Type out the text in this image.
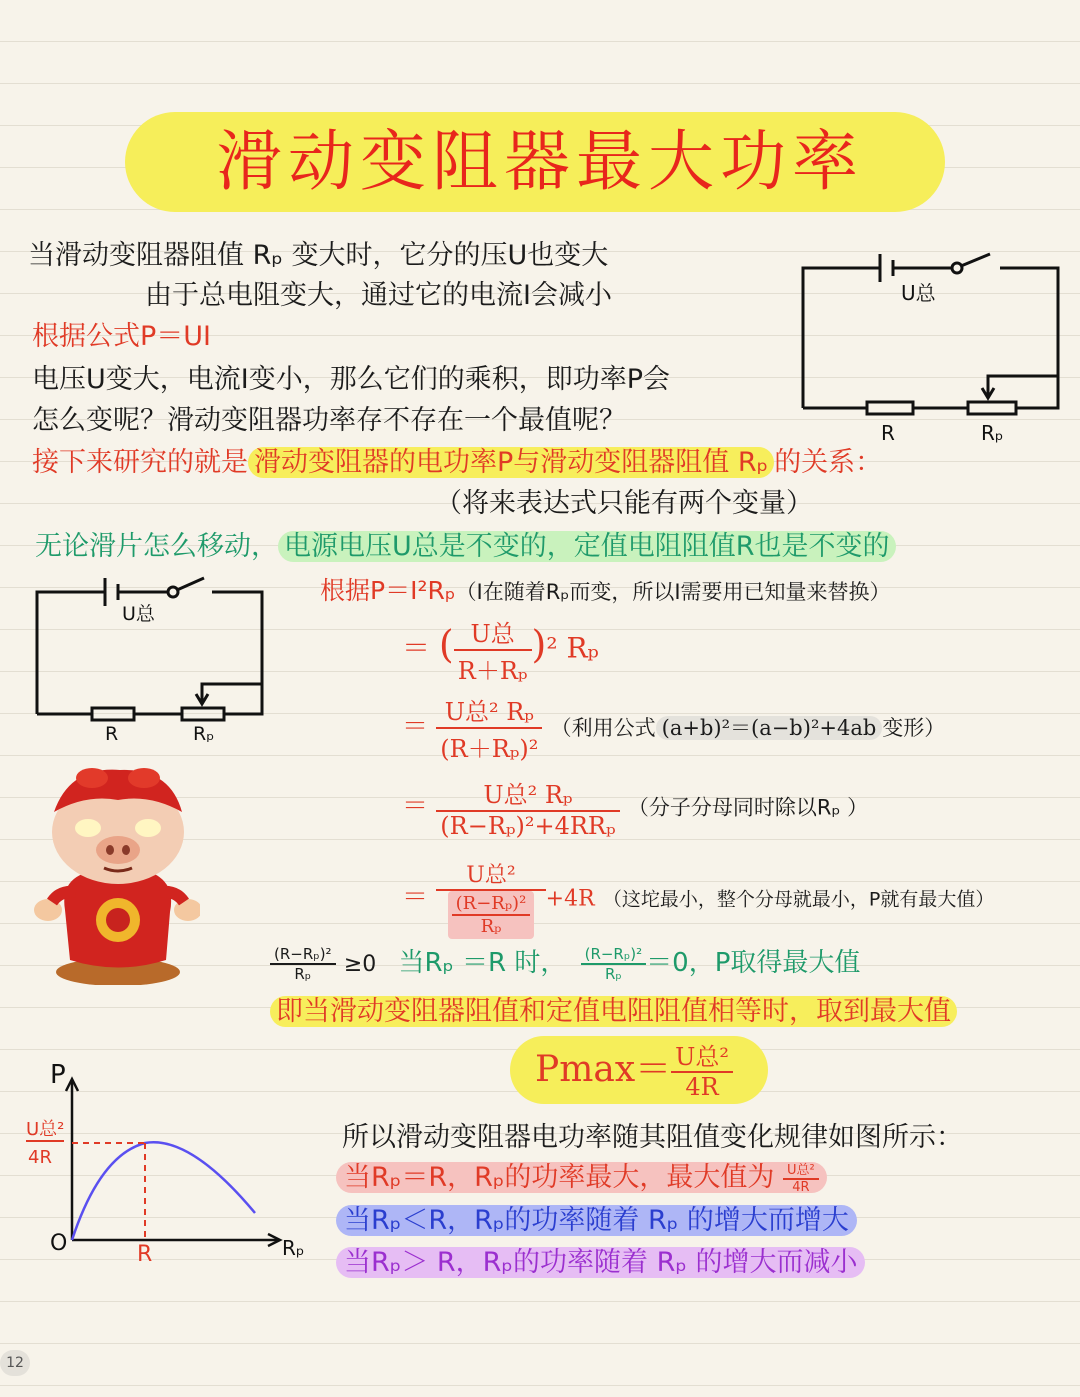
滑动变阻器最大功率
当滑动变阻器阻值 Rₚ 变大时，它分的压U也变大
由于总电阻变大，通过它的电流I会减小
根据公式P＝UI
电压U变大，电流I变小，那么它们的乘积，即功率P会
怎么变呢？滑动变阻器功率存不存在一个最值呢？
接下来研究的就是 滑动变阻器的电功率P与滑动变阻器阻值 Rₚ 的关系：
（将来表达式只能有两个变量）
无论滑片怎么移动， 电源电压U总是不变的，定值电阻阻值R也是不变的
U总
R	Rₚ
U总
R	Rₚ
根据P＝I²Rₚ（I在随着Rₚ而变，所以I需要用已知量来替换）
＝ ( $\frac{\text{U总}}{\text{R＋Rₚ}} )^2$ Rₚ
＝ $\frac{\text{U总² Rₚ}}{\text{(R＋Rₚ)²}}$ （利用公式 (a+b)²＝(a−b)²+4ab 变形）
＝ $\frac{\text{U总² Rₚ}}{\text{(R−Rₚ)²+4RRₚ}}$ （分子分母同时除以Rₚ ）
＝ $\frac{\text{U总²}}{\frac{\text{(R−Rₚ)²}}{\text{Rₚ}}} +4R$ （这坨最小，整个分母就最小，P就有最大值）
$\frac{\text{(R−Rₚ)²}}{\text{Rₚ}} \ge 0$ 当Rₚ ＝R 时， $\frac{\text{(R−Rₚ)²}}{\text{Rₚ}} =0$，P取得最大值
即当滑动变阻器阻值和定值电阻阻值相等时，取到最大值
$Pmax= \frac{\text{U总²}}{4R}$
P
Rₚ
O	R
U总²
4R
所以滑动变阻器电功率随其阻值变化规律如图所示：
当Rₚ＝R，Rₚ的功率最大，最大值为 $\frac{\text{U总²}}{4R}$
当Rₚ＜R，Rₚ的功率随着 Rₚ 的增大而增大
当Rₚ＞ R，Rₚ的功率随着 Rₚ 的增大而减小
12
